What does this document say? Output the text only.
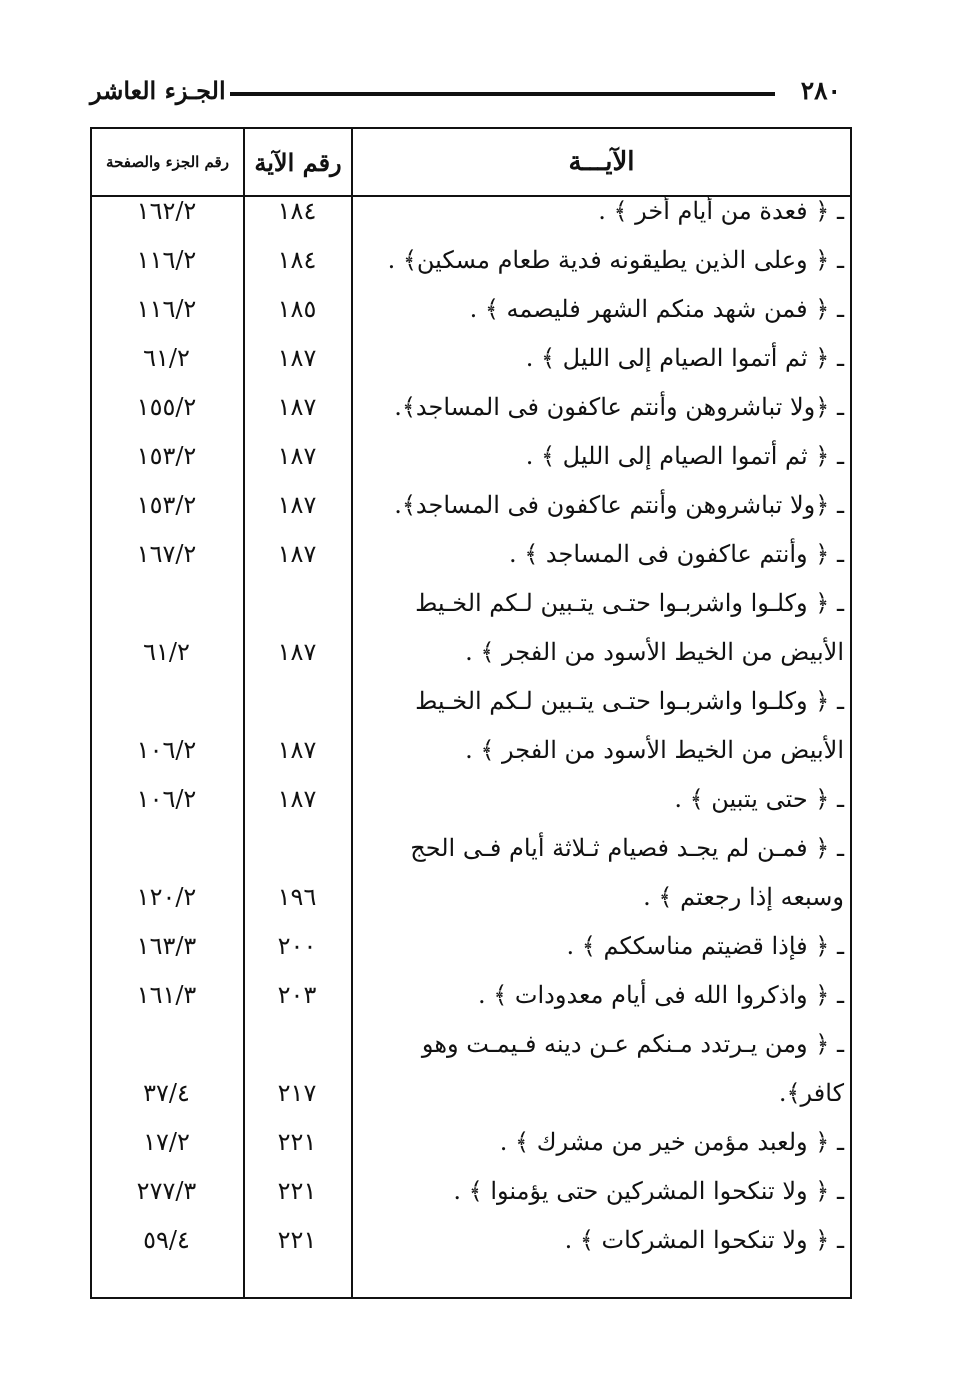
٢٨٠
الجـزء العاشر
الآيـــة
رقم الآية
رقم الجزء والصفحة
ـ ﴿ فعدة من أيام أخر ﴾ .
١٨٤
١٦٢/٢
ـ ﴿ وعلى الذين يطيقونه فدية طعام مسكين﴾ .
١٨٤
١١٦/٢
ـ ﴿ فمن شهد منكم الشهر فليصمه ﴾ .
١٨٥
١١٦/٢
ـ ﴿ ثم أتموا الصيام إلى الليل ﴾ .
١٨٧
٦١/٢
ـ ﴿ولا تباشروهن وأنتم عاكفون فى المساجد﴾.
١٨٧
١٥٥/٢
ـ ﴿ ثم أتموا الصيام إلى الليل ﴾ .
١٨٧
١٥٣/٢
ـ ﴿ولا تباشروهن وأنتم عاكفون فى المساجد﴾.
١٨٧
١٥٣/٢
ـ ﴿ وأنتم عاكفون فى المساجد ﴾ .
١٨٧
١٦٧/٢
ـ ﴿ وكلـوا واشربـوا حتـى يتـبين لـكم الخـيط
الأبيض من الخيط الأسود من الفجر ﴾ .
١٨٧
٦١/٢
ـ ﴿ وكلـوا واشربـوا حتـى يتـبين لـكم الخـيط
الأبيض من الخيط الأسود من الفجر ﴾ .
١٨٧
١٠٦/٢
ـ ﴿ حتى يتبين ﴾ .
١٨٧
١٠٦/٢
ـ ﴿ فمـن لم يجـد فصيام ثـلاثة أيام فـى الحج
وسبعه إذا رجعتم ﴾ .
١٩٦
١٢٠/٢
ـ ﴿ فإذا قضيتم مناسككم ﴾ .
٢٠٠
١٦٣/٣
ـ ﴿ واذكروا الله فى أيام معدودات ﴾ .
٢٠٣
١٦١/٣
ـ ﴿ ومن يـرتدد مـنكم عـن دينه فـيمـت وهو
كافر﴾.
٢١٧
٣٧/٤
ـ ﴿ ولعبد مؤمن خير من مشرك ﴾ .
٢٢١
١٧/٢
ـ ﴿ ولا تنكحوا المشركين حتى يؤمنوا ﴾ .
٢٢١
٢٧٧/٣
ـ ﴿ ولا تنكحوا المشركات ﴾ .
٢٢١
٥٩/٤
